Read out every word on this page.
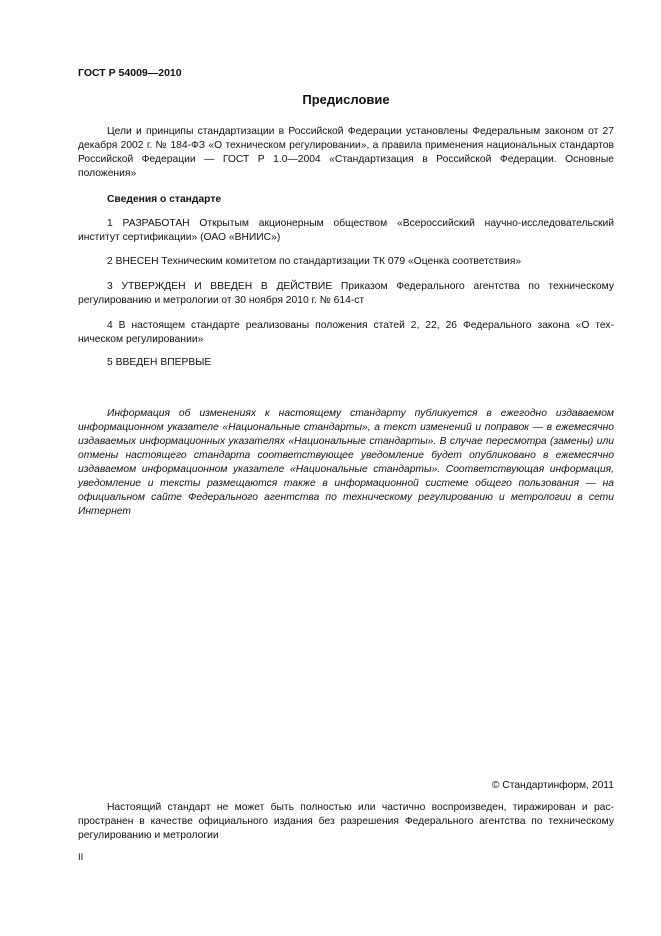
ГОСТ Р 54009—2010
Предисловие
Цели и принципы стандартизации в Российской Федерации установлены Федеральным законом от 27 декабря 2002 г. № 184-ФЗ «О техническом регулировании», а правила применения национальных стандартов Российской Федерации — ГОСТ Р 1.0—2004 «Стандартизация в Российской Федерации. Основные положения»
Сведения о стандарте
1 РАЗРАБОТАН Открытым акционерным обществом «Всероссийский научно-исследовательский институт сертификации» (ОАО «ВНИИС»)
2 ВНЕСЕН Техническим комитетом по стандартизации ТК 079 «Оценка соответствия»
3 УТВЕРЖДЕН И ВВЕДЕН В ДЕЙСТВИЕ Приказом Федерального агентства по техническому регулированию и метрологии от 30 ноября 2010 г. № 614-ст
4 В настоящем стандарте реализованы положения статей 2, 22, 26 Федерального закона «О техническом регулировании»
5 ВВЕДЕН ВПЕРВЫЕ
Информация об изменениях к настоящему стандарту публикуется в ежегодно издаваемом информационном указателе «Национальные стандарты», а текст изменений и поправок — в ежемесячно издаваемых информационных указателях «Национальные стандарты». В случае пересмотра (замены) или отмены настоящего стандарта соответствующее уведомление будет опубликовано в ежемесячно издаваемом информационном указателе «Национальные стандарты». Соответствующая информация, уведомление и тексты размещаются также в информационной системе общего пользования — на официальном сайте Федерального агентства по техническому регулированию и метрологии в сети Интернет
© Стандартинформ, 2011
Настоящий стандарт не может быть полностью или частично воспроизведен, тиражирован и распространен в качестве официального издания без разрешения Федерального агентства по техническому регулированию и метрологии
II
